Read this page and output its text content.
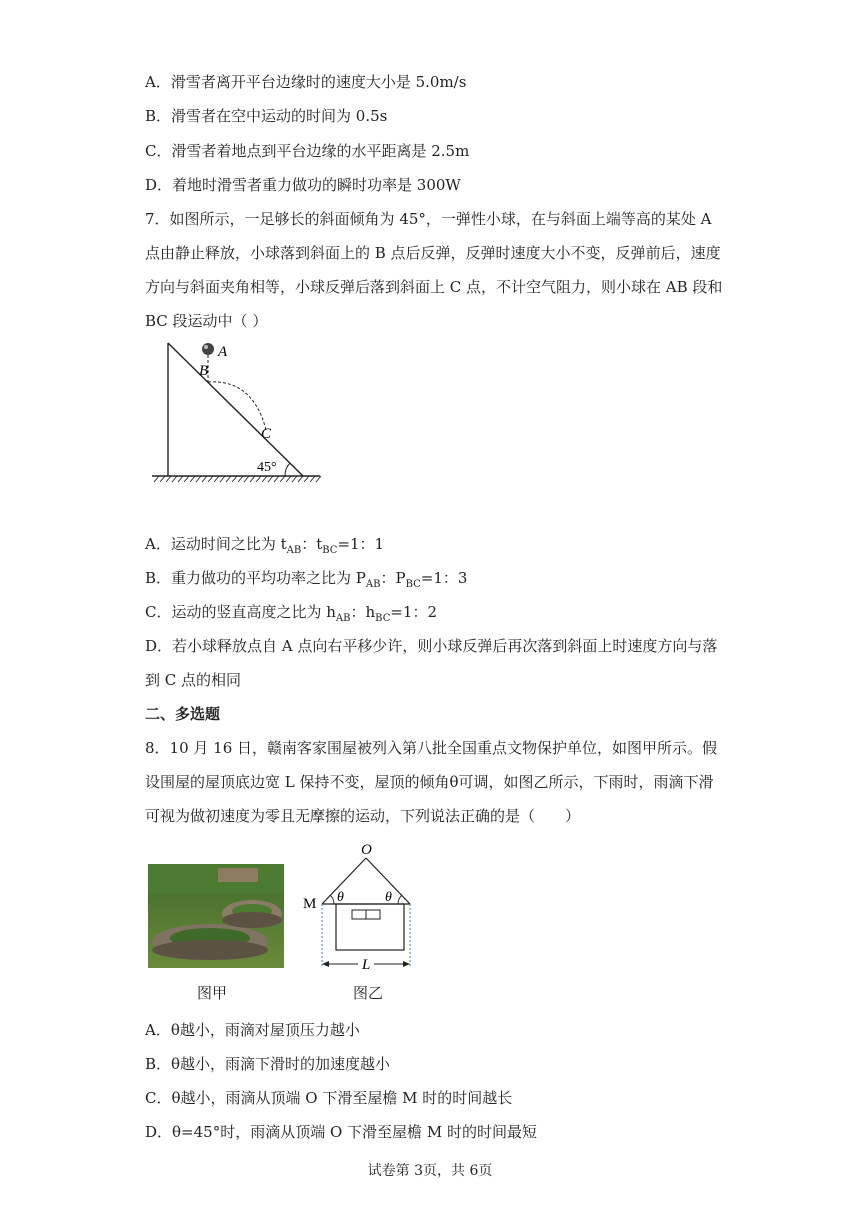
A．滑雪者离开平台边缘时的速度大小是 5.0m/s
B．滑雪者在空中运动的时间为 0.5s
C．滑雪者着地点到平台边缘的水平距离是 2.5m
D．着地时滑雪者重力做功的瞬时功率是 300W
7．如图所示，一足够长的斜面倾角为 45°，一弹性小球，在与斜面上端等高的某处 A
点由静止释放，小球落到斜面上的 B 点后反弹，反弹时速度大小不变，反弹前后，速度
方向与斜面夹角相等，小球反弹后落到斜面上 C 点，不计空气阻力，则小球在 AB 段和
BC 段运动中（ ）
A
B
C
45°
A．运动时间之比为 $t_{AB}$：$t_{BC}=1$：1
B．重力做功的平均功率之比为 $P_{AB}$：$P_{BC}=1$：3
C．运动的竖直高度之比为 $h_{AB}$：$h_{BC}=1$：2
D．若小球释放点自 A 点向右平移少许，则小球反弹后再次落到斜面上时速度方向与落
到 C 点的相同
二、多选题
8．10 月 16 日，赣南客家围屋被列入第八批全国重点文物保护单位，如图甲所示。假
设围屋的屋顶底边宽 L 保持不变，屋顶的倾角θ可调，如图乙所示，下雨时，雨滴下滑
可视为做初速度为零且无摩擦的运动，下列说法正确的是（　　）
图甲
O
M θ	θ
L
图乙
A．θ越小，雨滴对屋顶压力越小
B．θ越小，雨滴下滑时的加速度越小
C．θ越小，雨滴从顶端 O 下滑至屋檐 M 时的时间越长
D．θ=45°时，雨滴从顶端 O 下滑至屋檐 M 时的时间最短
试卷第 3页，共 6页
